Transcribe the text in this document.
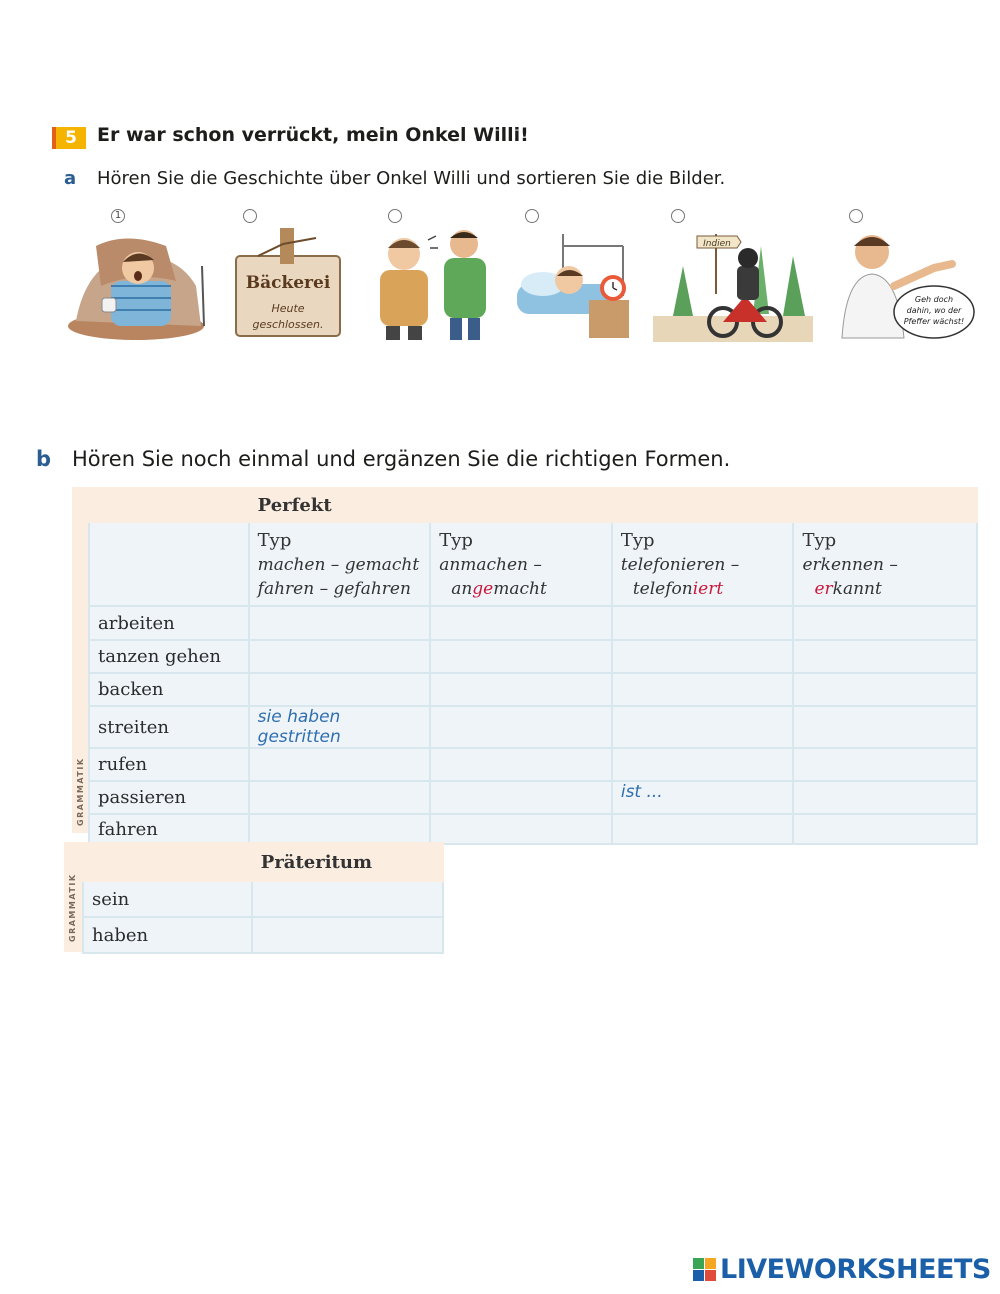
5	Er war schon verrückt, mein Onkel Willi!
a Hören Sie die Geschichte über Onkel Willi und sortieren Sie die Bilder.
1
Bäckerei
Heute
geschlossen.
Indien
Geh doch
dahin, wo der
Pfeffer wächst!
b Hören Sie noch einmal und ergänzen Sie die richtigen Formen.
GRAMMATIK
	Perfekt			

	Typ
machen – gemacht
fahren – gefahren	Typ
anmachen –
angemacht	Typ
telefonieren –
telefoniert	Typ
erkennen –
erkannt

arbeiten				
tanzen gehen				
backen				
streiten	sie haben gestritten			
rufen				
passieren			ist ...	
fahren				
GRAMMATIK
	Präteritum
sein	
haben	
LIVEWORKSHEETS
